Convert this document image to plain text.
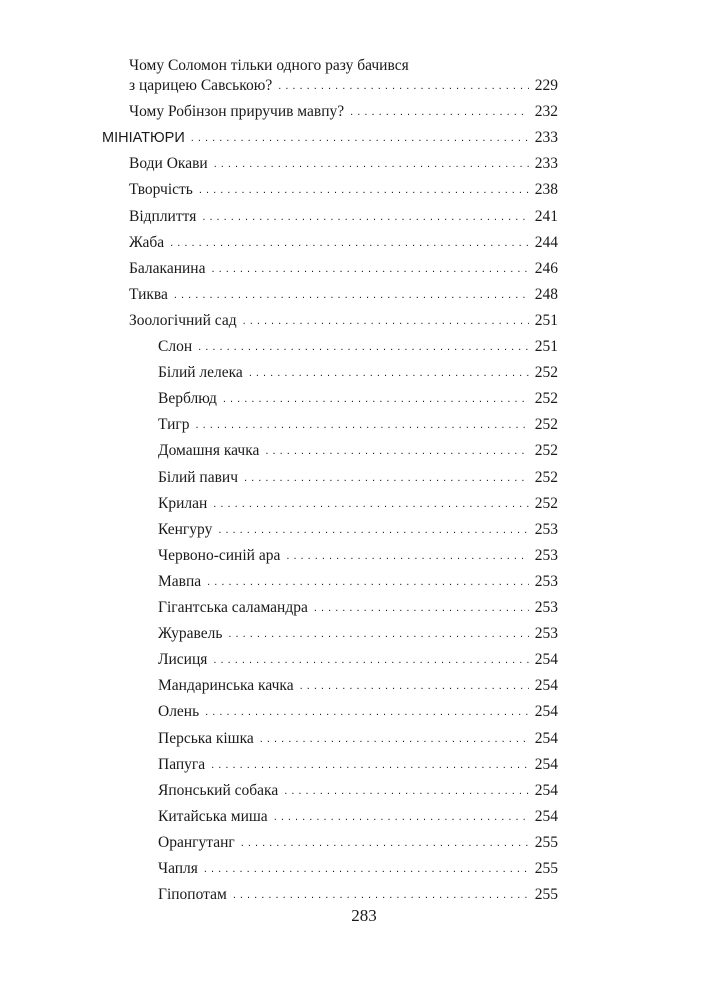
Чому Соломон тільки одного разу бачився
з царицею Савською? . . .	229
Чому Робінзон приручив мавпу? . . .	232
МІНІАТЮРИ . . .	233
Води Окави . . .	233
Творчість . . .	238
Відплиття . . .	241
Жаба . . .	244
Балаканина . . .	246
Тиква . . .	248
Зоологічний сад . . .	251
Слон . . .	251
Білий лелека . . .	252
Верблюд . . .	252
Тигр . . .	252
Домашня качка . . .	252
Білий павич . . .	252
Крилан . . .	252
Кенгуру . . .	253
Червоно-синій ара . . .	253
Мавпа . . .	253
Гігантська саламандра . . .	253
Журавель . . .	253
Лисиця . . .	254
Мандаринська качка . . .	254
Олень . . .	254
Перська кішка . . .	254
Папуга . . .	254
Японський собака . . .	254
Китайська миша . . .	254
Орангутанг . . .	255
Чапля . . .	255
Гіпопотам . . .	255
283
